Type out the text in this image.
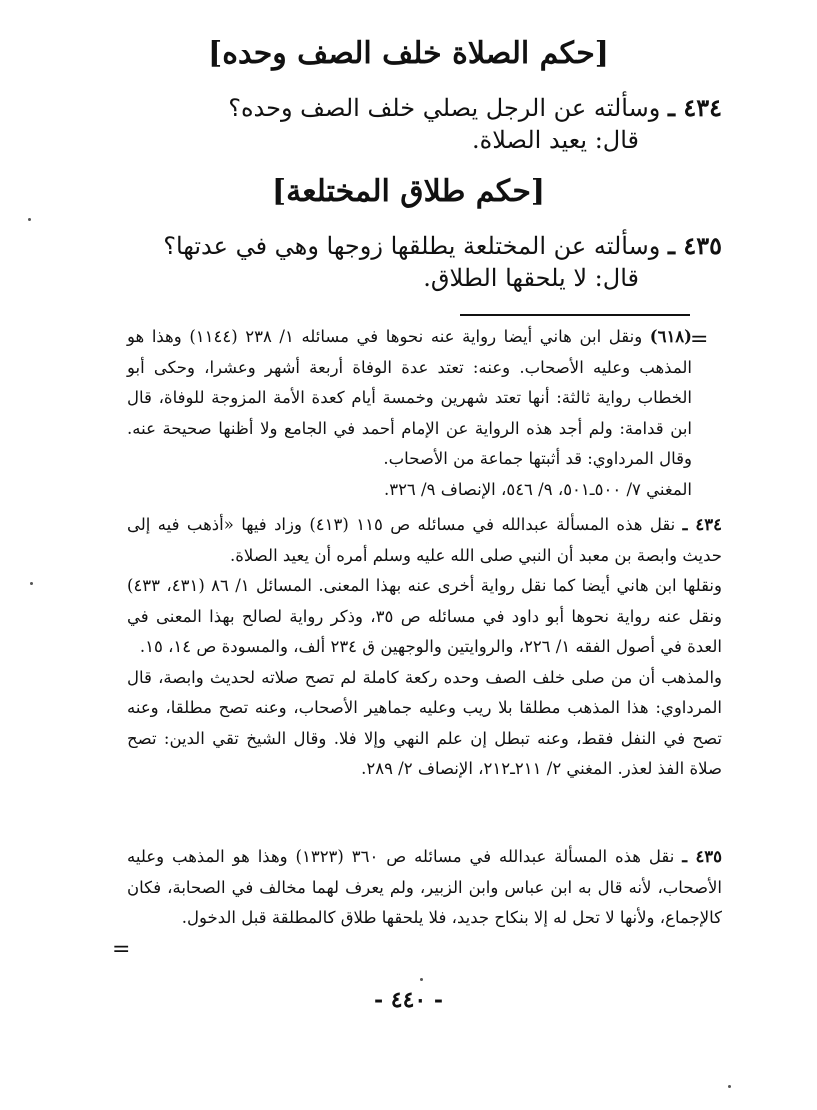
[حكم الصلاة خلف الصف وحده]
٤٣٤ ـ وسألته عن الرجل يصلي خلف الصف وحده؟
قال: يعيد الصلاة.
[حكم طلاق المختلعة]
٤٣٥ ـ وسألته عن المختلعة يطلقها زوجها وهي في عدتها؟
قال: لا يلحقها الطلاق.
=

(٦١٨) ونقل ابن هاني أيضا رواية عنه نحوها في مسائله ١/ ٢٣٨ (١١٤٤) وهذا هو المذهب وعليه الأصحاب. وعنه: تعتد عدة الوفاة أربعة أشهر وعشرا، وحكى أبو الخطاب رواية ثالثة: أنها تعتد شهرين وخمسة أيام كعدة الأمة المزوجة للوفاة، قال ابن قدامة: ولم أجد هذه الرواية عن الإمام أحمد في الجامع ولا أظنها صحيحة عنه. وقال المرداوي: قد أثبتها جماعة من الأصحاب.

المغني ٧/ ٥٠٠ـ٥٠١، ٩/ ٥٤٦، الإنصاف ٩/ ٣٢٦.

٤٣٤ ـ نقل هذه المسألة عبدالله في مسائله ص ١١٥ (٤١٣) وزاد فيها «أذهب فيه إلى حديث وابصة بن معبد أن النبي صلى الله عليه وسلم أمره أن يعيد الصلاة.

ونقلها ابن هاني أيضا كما نقل رواية أخرى عنه بهذا المعنى. المسائل ١/ ٨٦ (٤٣١، ٤٣٣) ونقل عنه رواية نحوها أبو داود في مسائله ص ٣٥، وذكر رواية لصالح بهذا المعنى في العدة في أصول الفقه ١/ ٢٢٦، والروايتين والوجهين ق ٢٣٤ ألف، والمسودة ص ١٤، ١٥.

والمذهب أن من صلى خلف الصف وحده ركعة كاملة لم تصح صلاته لحديث وابصة، قال المرداوي: هذا المذهب مطلقا بلا ريب وعليه جماهير الأصحاب، وعنه تصح مطلقا، وعنه تصح في النفل فقط، وعنه تبطل إن علم النهي وإلا فلا. وقال الشيخ تقي الدين: تصح صلاة الفذ لعذر. المغني ٢/ ٢١١ـ٢١٢، الإنصاف ٢/ ٢٨٩.

٤٣٥ ـ نقل هذه المسألة عبدالله في مسائله ص ٣٦٠ (١٣٢٣) وهذا هو المذهب وعليه الأصحاب، لأنه قال به ابن عباس وابن الزبير، ولم يعرف لهما مخالف في الصحابة، فكان كالإجماع، ولأنها لا تحل له إلا بنكاح جديد، فلا يلحقها طلاق كالمطلقة قبل الدخول.

=
- ٤٤٠ -
